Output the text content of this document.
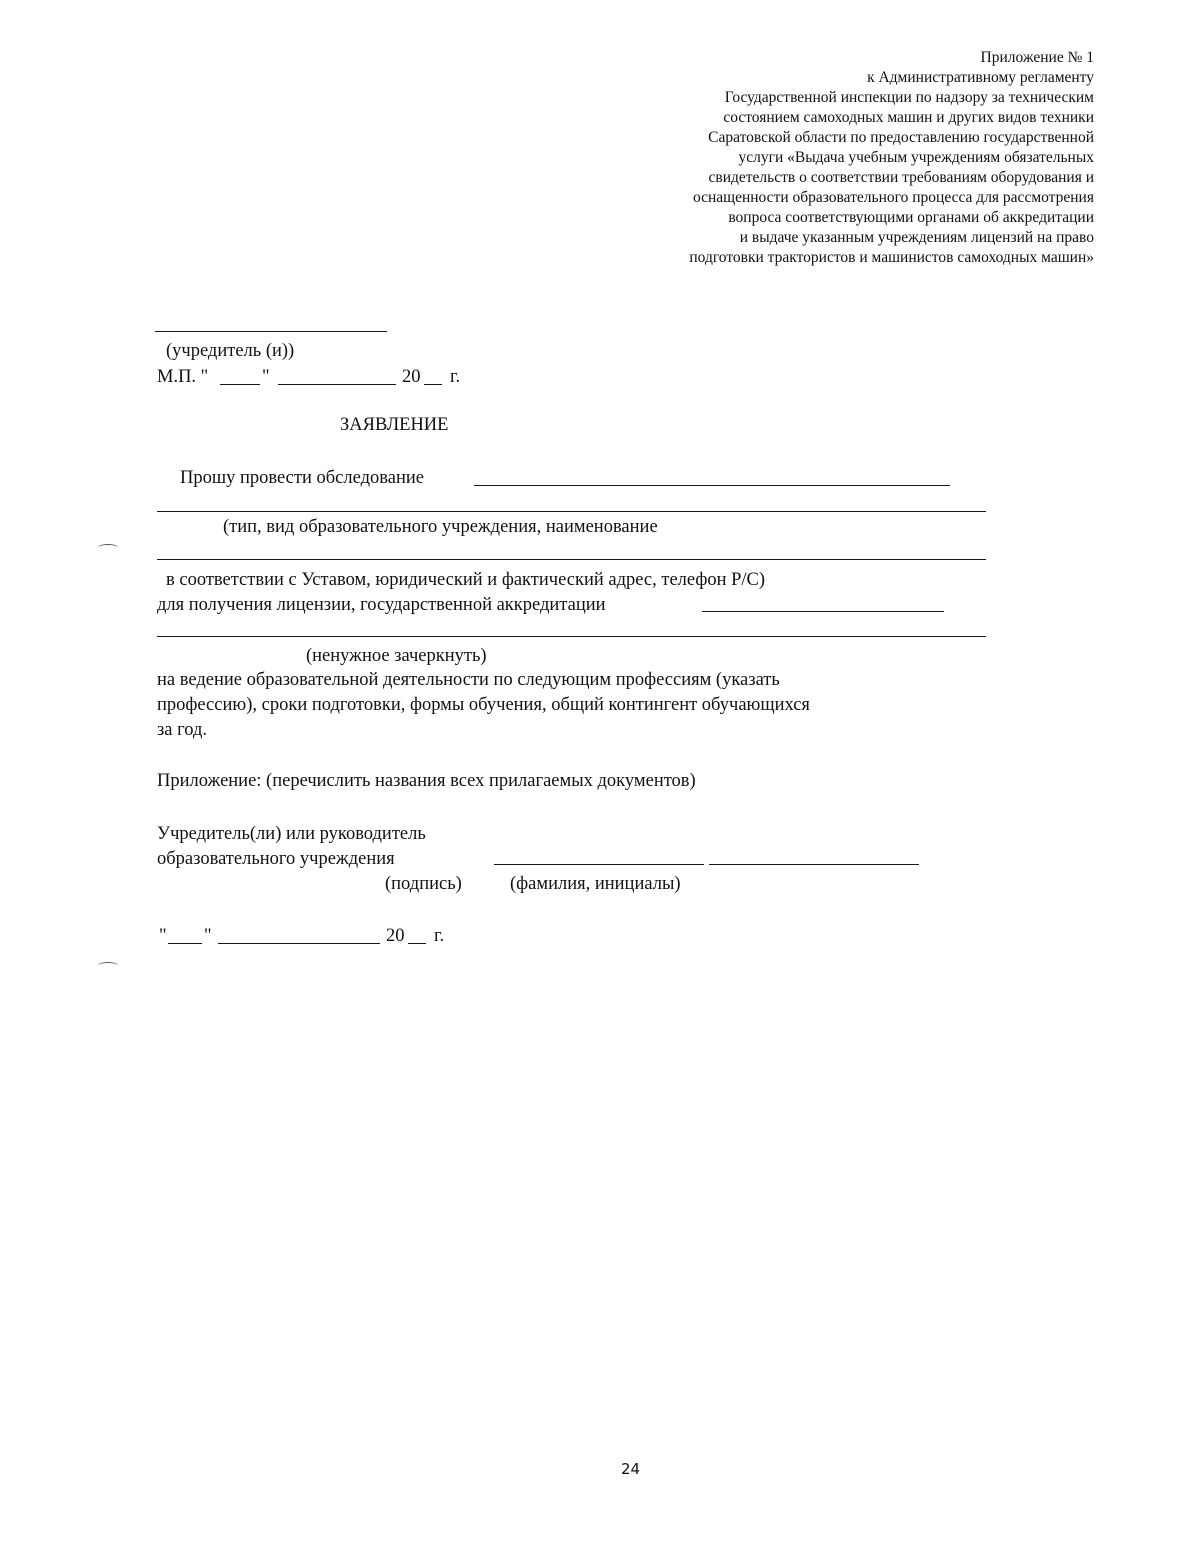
Приложение № 1
к Административному регламенту
Государственной инспекции по надзору за техническим
состоянием самоходных машин и других видов техники
Саратовской области по предоставлению государственной
услуги «Выдача учебным учреждениям обязательных
свидетельств о соответствии требованиям оборудования и
оснащенности образовательного процесса для рассмотрения
вопроса соответствующими органами об аккредитации
и выдаче указанным учреждениям лицензий на право
подготовки трактористов и машинистов самоходных машин»
(учредитель (и))
М.П. "	"	20 г.
ЗАЯВЛЕНИЕ
Прошу провести обследование
(тип, вид образовательного учреждения, наименование
в соответствии с Уставом, юридический и фактический адрес, телефон Р/С)
для получения лицензии, государственной аккредитации
(ненужное зачеркнуть)
на ведение образовательной деятельности по следующим профессиям (указать
профессию), сроки подготовки, формы обучения, общий контингент обучающихся
за год.
Приложение: (перечислить названия всех прилагаемых документов)
Учредитель(ли) или руководитель
образовательного учреждения
(подпись)	(фамилия, инициалы)
" "	20 г.
24
